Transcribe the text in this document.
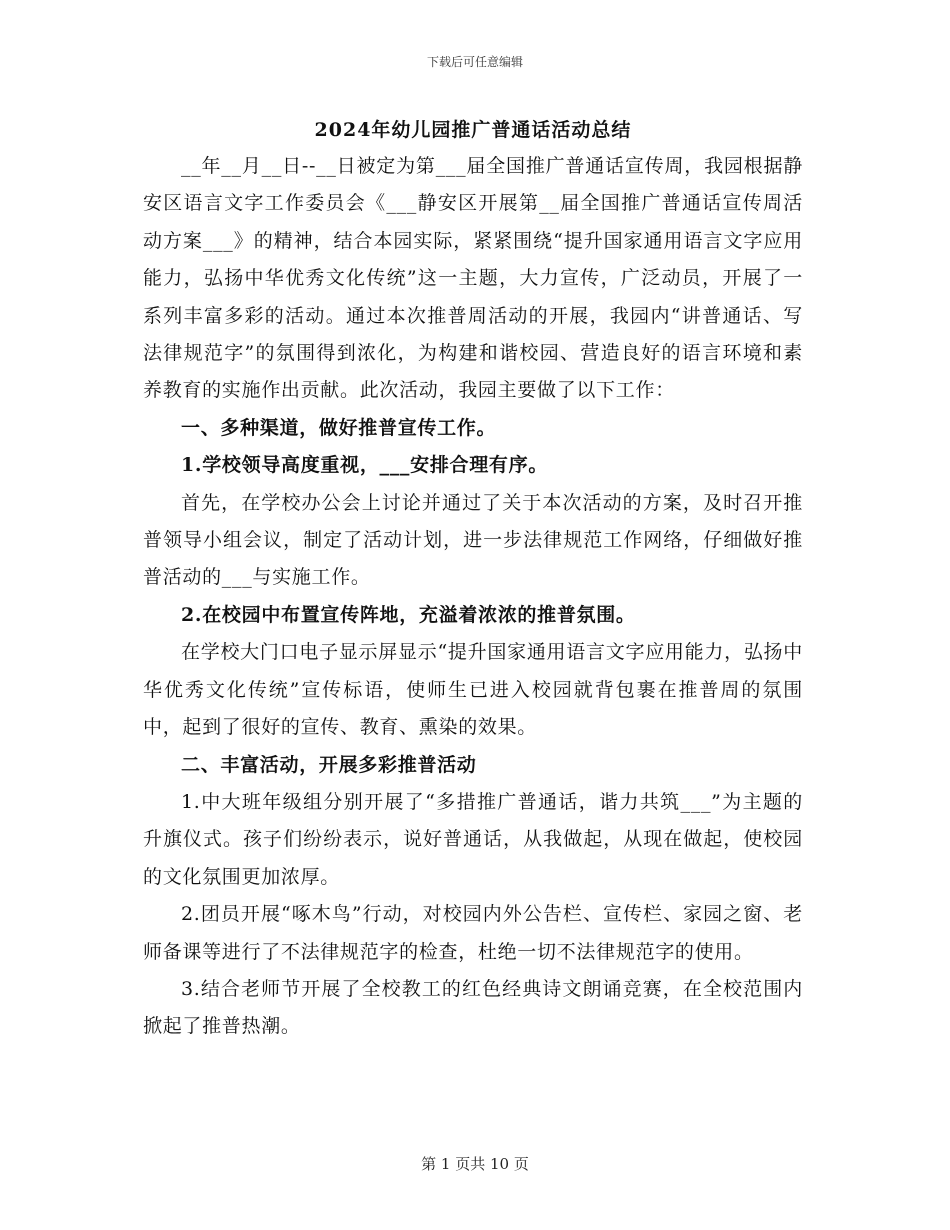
下载后可任意编辑
2024年幼儿园推广普通话活动总结

__年__月__日--__日被定为第___届全国推广普通话宣传周，我园根据静安区语言文字工作委员会《___静安区开展第__届全国推广普通话宣传周活动方案___》的精神，结合本园实际，紧紧围绕“提升国家通用语言文字应用能力，弘扬中华优秀文化传统”这一主题，大力宣传，广泛动员，开展了一系列丰富多彩的活动。通过本次推普周活动的开展，我园内“讲普通话、写法律规范字”的氛围得到浓化，为构建和谐校园、营造良好的语言环境和素养教育的实施作出贡献。此次活动，我园主要做了以下工作：

一、多种渠道，做好推普宣传工作。

1.学校领导高度重视，___安排合理有序。

首先，在学校办公会上讨论并通过了关于本次活动的方案，及时召开推普领导小组会议，制定了活动计划，进一步法律规范工作网络，仔细做好推普活动的___与实施工作。

2.在校园中布置宣传阵地，充溢着浓浓的推普氛围。

在学校大门口电子显示屏显示“提升国家通用语言文字应用能力，弘扬中华优秀文化传统”宣传标语，使师生已进入校园就背包裹在推普周的氛围中，起到了很好的宣传、教育、熏染的效果。

二、丰富活动，开展多彩推普活动

1.中大班年级组分别开展了“多措推广普通话，谐力共筑___”为主题的升旗仪式。孩子们纷纷表示，说好普通话，从我做起，从现在做起，使校园的文化氛围更加浓厚。

2.团员开展“啄木鸟”行动，对校园内外公告栏、宣传栏、家园之窗、老师备课等进行了不法律规范字的检查，杜绝一切不法律规范字的使用。

3.结合老师节开展了全校教工的红色经典诗文朗诵竞赛，在全校范围内掀起了推普热潮。

第 1 页共 10 页
